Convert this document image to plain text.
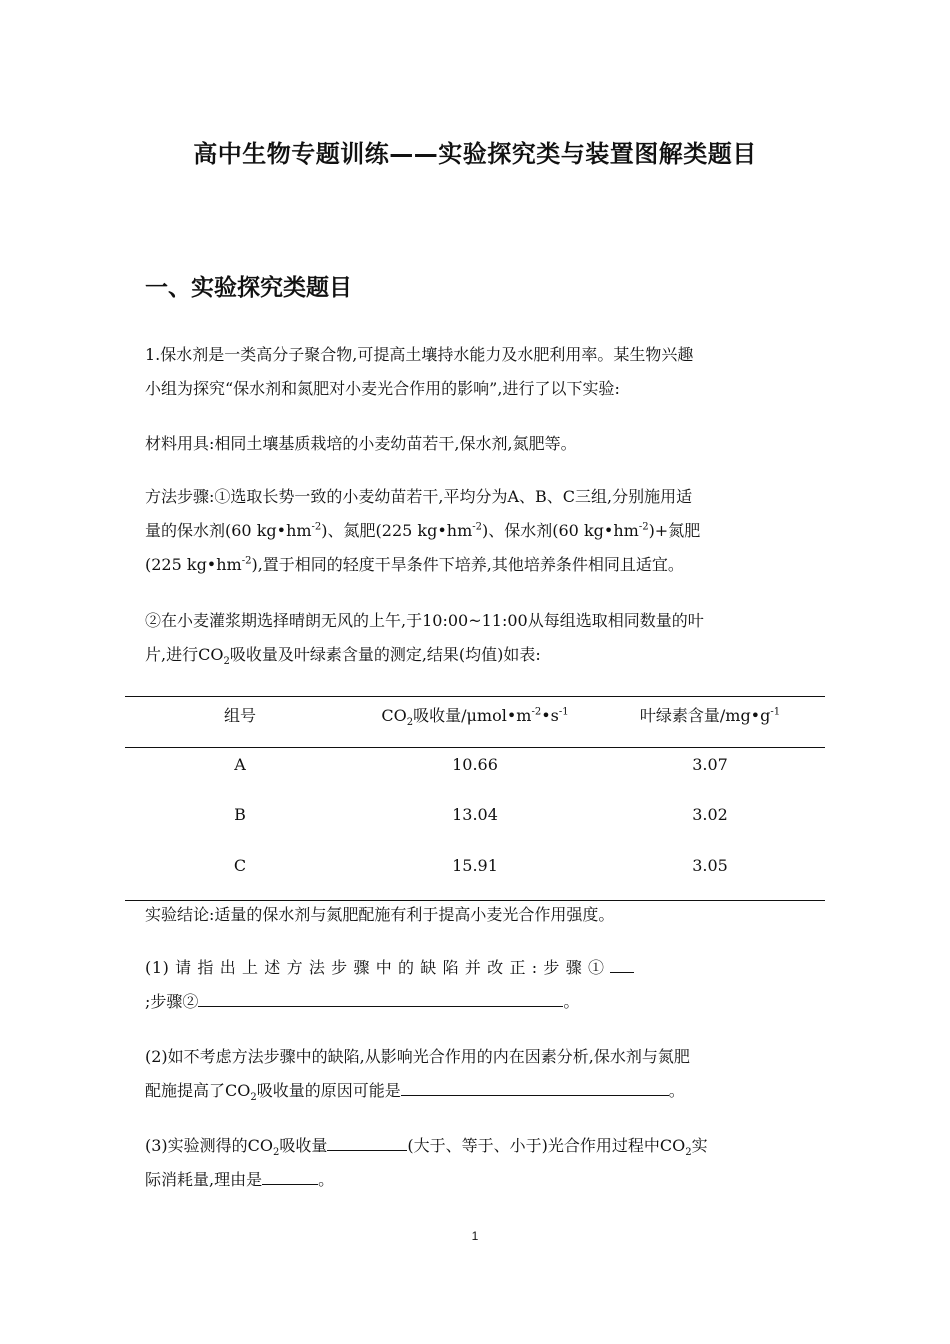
高中生物专题训练——实验探究类与装置图解类题目
一、实验探究类题目
1.保水剂是一类高分子聚合物,可提高土壤持水能力及水肥利用率。某生物兴趣
小组为探究“保水剂和氮肥对小麦光合作用的影响”,进行了以下实验:
材料用具:相同土壤基质栽培的小麦幼苗若干,保水剂,氮肥等。
方法步骤:①选取长势一致的小麦幼苗若干,平均分为A、B、C三组,分别施用适
量的保水剂(60 $kg•hm^{-2}$)、氮肥(225 $kg•hm^{-2}$)、保水剂(60 $kg•hm^{-2})+$氮肥
(225 $kg•hm^{-2}$),置于相同的轻度干旱条件下培养,其他培养条件相同且适宜。
②在小麦灌浆期选择晴朗无风的上午,于10:00~11:00从每组选取相同数量的叶
片,进行$CO_2$吸收量及叶绿素含量的测定,结果(均值)如表:
组号	$CO_2$吸收量$/\mu mol•m^{-2}•s^{-1}$	叶绿素含量$/mg•g^{-1}$
A	10.66	3.07
B	13.04	3.02
C	15.91	3.05
实验结论:适量的保水剂与氮肥配施有利于提高小麦光合作用强度。
(1) 请 指 出 上 述 方 法 步 骤 中 的 缺 陷 并 改 正 : 步 骤 ①
;步骤②	。
(2)如不考虑方法步骤中的缺陷,从影响光合作用的内在因素分析,保水剂与氮肥
配施提高了$CO_2$吸收量的原因可能是	。
(3)实验测得的$CO_2$吸收量	(大于、等于、小于)光合作用过程中$CO_2$实
际消耗量,理由是	。
1
